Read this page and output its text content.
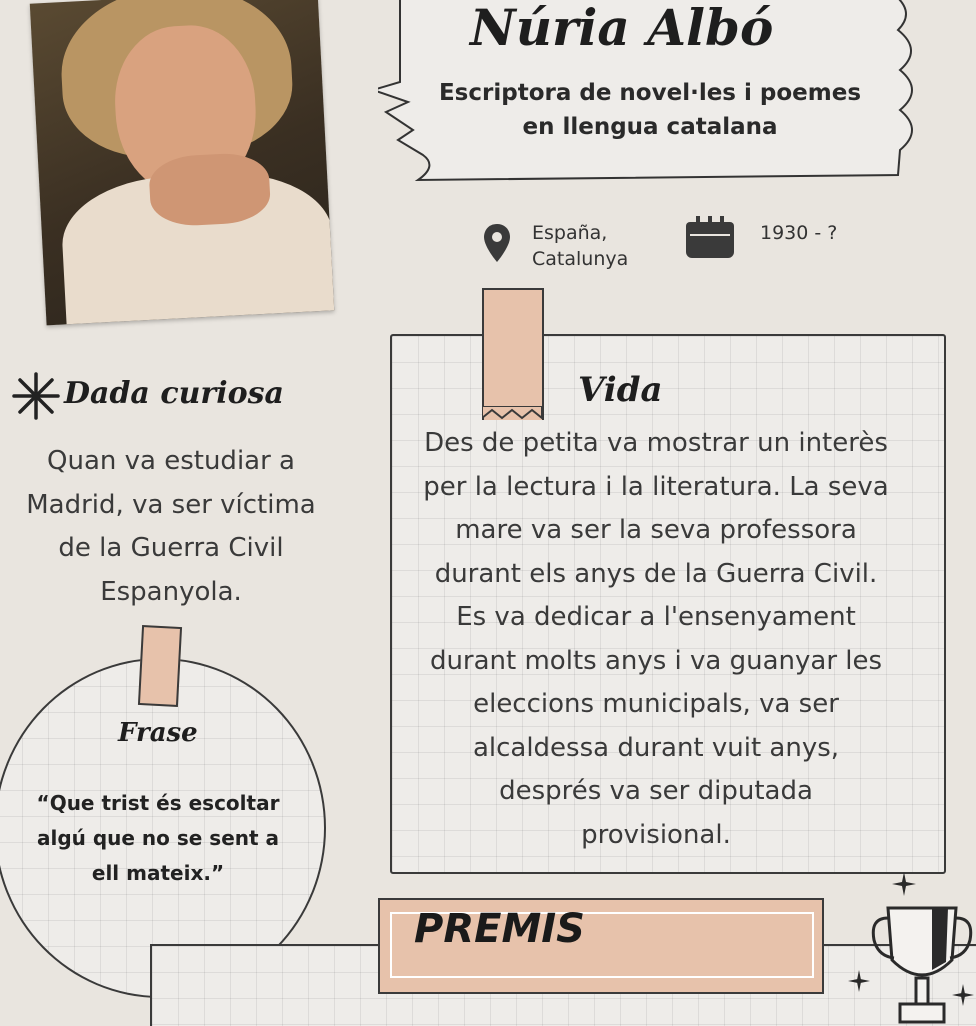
Núria Albó
Escriptora de novel·les i poemes
en llengua catalana
España,
Catalunya
1930 - ?
Dada curiosa
Quan va estudiar a
Madrid, va ser víctima
de la Guerra Civil
Espanyola.
Vida
Des de petita va mostrar un interès
per la lectura i la literatura. La seva
mare va ser la seva professora
durant els anys de la Guerra Civil.
Es va dedicar a l'ensenyament
durant molts anys i va guanyar les
eleccions municipals, va ser
alcaldessa durant vuit anys,
després va ser diputada
provisional.
Frase
“Que trist és escoltar
algú que no se sent a
ell mateix.”
PREMIS
